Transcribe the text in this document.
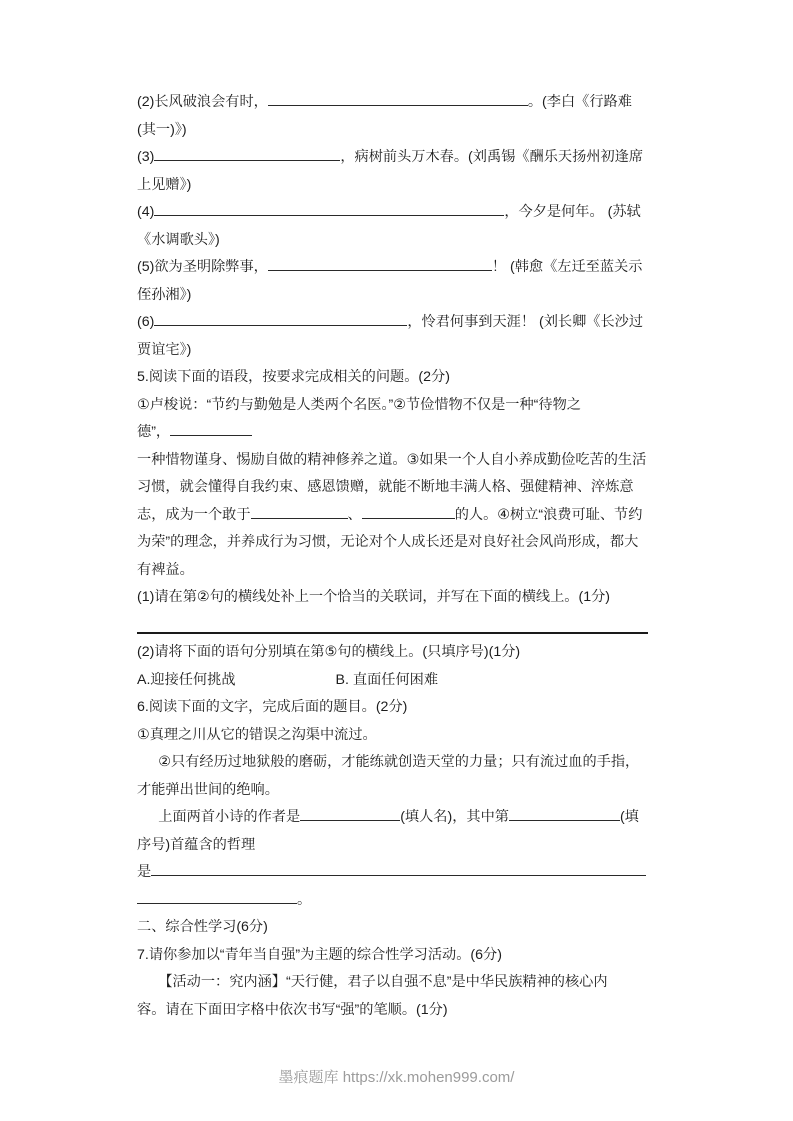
(2)长风破浪会有时，	。(李白《行路难
(其一)》)
(3)	，病树前头万木春。(刘禹锡《酬乐天扬州初逢席
上见赠》)
(4)	，今夕是何年。 (苏轼
《水调歌头》)
(5)欲为圣明除弊事，	！ (韩愈《左迁至蓝关示
侄孙湘》)
(6)	，怜君何事到天涯！ (刘长卿《长沙过
贾谊宅》)
5.阅读下面的语段，按要求完成相关的问题。(2分)
①卢梭说：“节约与勤勉是人类两个名医。”②节俭惜物不仅是一种“待物之
德”，
一种惜物谨身、惕励自做的精神修养之道。③如果一个人自小养成勤俭吃苦的生活
习惯，就会懂得自我约束、感恩馈赠，就能不断地丰满人格、强健精神、淬炼意
志，成为一个敢于	、	的人。④树立“浪费可耻、节约
为荣”的理念，并养成行为习惯，无论对个人成长还是对良好社会风尚形成，都大
有裨益。
(1)请在第②句的横线处补上一个恰当的关联词，并写在下面的横线上。(1分)
(2)请将下面的语句分别填在第⑤句的横线上。(只填序号)(1分)
A.迎接任何挑战	B. 直面任何困难
6.阅读下面的文字，完成后面的题目。(2分)
①真理之川从它的错误之沟渠中流过。
②只有经历过地狱般的磨砺，才能练就创造天堂的力量；只有流过血的手指，
才能弹出世间的绝响。
上面两首小诗的作者是	(填人名)，其中第	(填
序号)首蕴含的哲理
是
。
二、综合性学习(6分)
7.请你参加以“青年当自强”为主题的综合性学习活动。(6分)
【活动一：究内涵】“天行健，君子以自强不息”是中华民族精神的核心内
容。请在下面田字格中依次书写“强”的笔顺。(1分)
墨痕题库 https://xk.mohen999.com/
